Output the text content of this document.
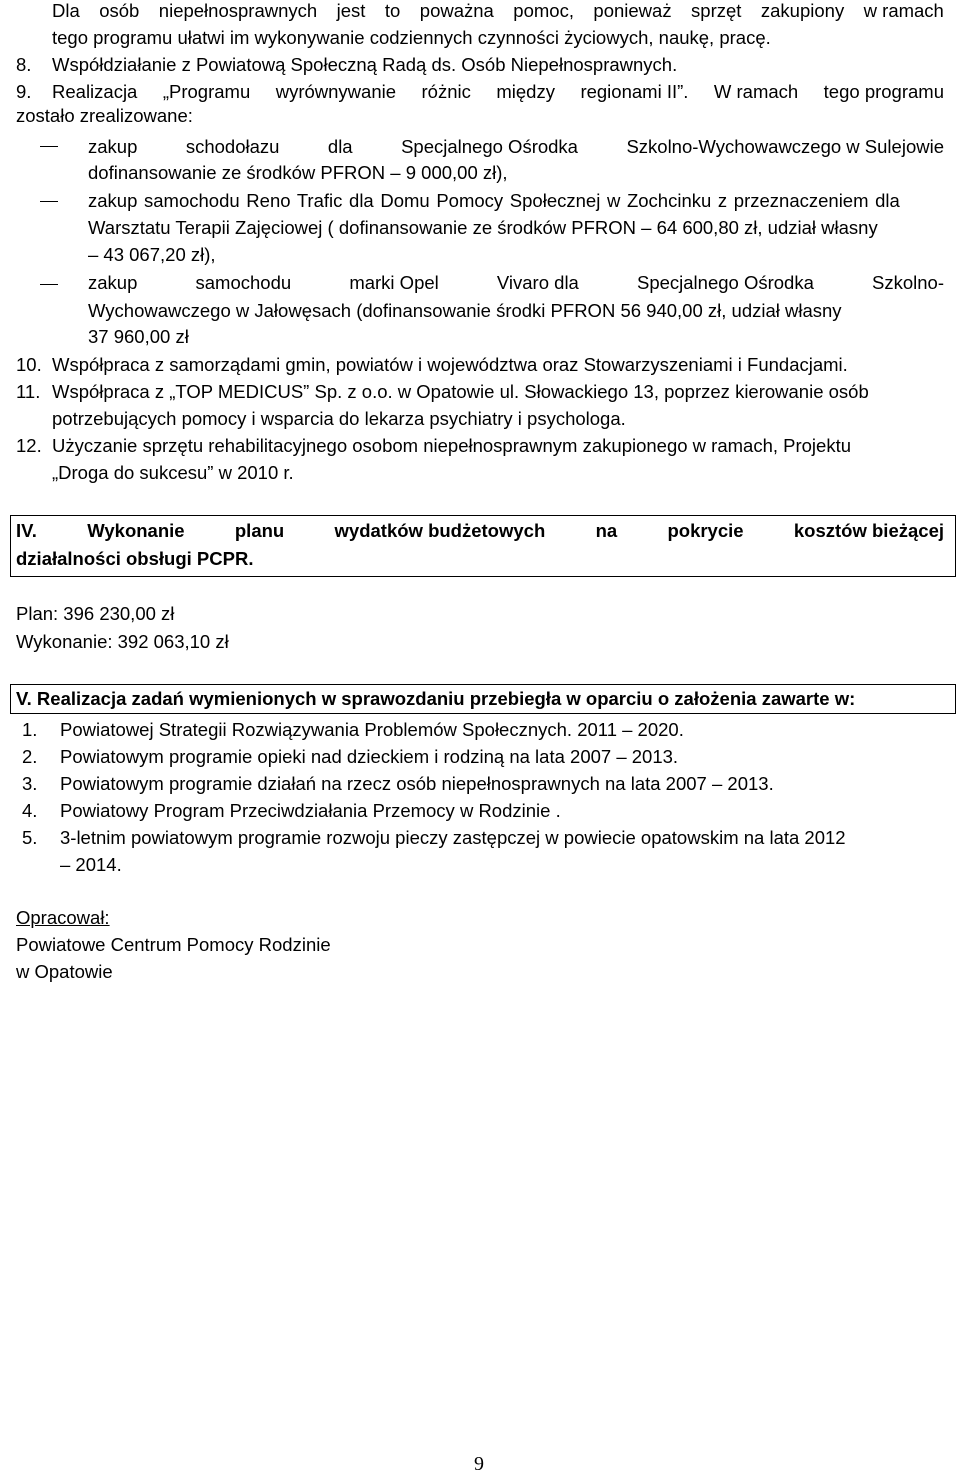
Dla osób niepełnosprawnych jest to poważna pomoc, ponieważ sprzęt zakupiony w ramach
tego programu ułatwi im wykonywanie codziennych czynności życiowych, naukę, pracę.
8. Współdziałanie z Powiatową Społeczną Radą ds. Osób Niepełnosprawnych.
9. Realizacja „Programu wyrównywanie różnic między regionami II”. W ramach tego programu
zostało zrealizowane:
zakup	schodołazu	dla	Specjalnego Ośrodka	Szkolno-Wychowawczego w Sulejowie
dofinansowanie ze środków PFRON – 9 000,00 zł),
zakup samochodu Reno Trafic dla Domu Pomocy Społecznej w Zochcinku z przeznaczeniem dla
Warsztatu Terapii Zajęciowej ( dofinansowanie ze środków PFRON – 64 600,80 zł, udział własny
– 43 067,20 zł),
zakup	samochodu	marki Opel	Vivaro dla	Specjalnego Ośrodka	Szkolno-
Wychowawczego w Jałowęsach (dofinansowanie środki PFRON 56 940,00 zł, udział własny
37 960,00 zł
10. Współpraca z samorządami gmin, powiatów i województwa oraz Stowarzyszeniami i Fundacjami.
11. Współpraca z „TOP MEDICUS” Sp. z o.o. w Opatowie ul. Słowackiego 13, poprzez kierowanie osób
potrzebujących pomocy i wsparcia do lekarza psychiatry i psychologa.
12. Użyczanie sprzętu rehabilitacyjnego osobom niepełnosprawnym zakupionego w ramach, Projektu
„Droga do sukcesu” w 2010 r.
IV.	Wykonanie	planu	wydatków budżetowych	na	pokrycie	kosztów bieżącej
działalności obsługi PCPR.
Plan: 396 230,00 zł
Wykonanie: 392 063,10 zł
V. Realizacja zadań wymienionych w sprawozdaniu przebiegła w oparciu o założenia zawarte w:
1. Powiatowej Strategii Rozwiązywania Problemów Społecznych. 2011 – 2020.
2. Powiatowym programie opieki nad dzieckiem i rodziną na lata 2007 – 2013.
3. Powiatowym programie działań na rzecz osób niepełnosprawnych na lata 2007 – 2013.
4. Powiatowy Program Przeciwdziałania Przemocy w Rodzinie .
5. 3-letnim powiatowym programie rozwoju pieczy zastępczej w powiecie opatowskim na lata 2012
– 2014.
Opracował:
Powiatowe Centrum Pomocy Rodzinie
w Opatowie
9
